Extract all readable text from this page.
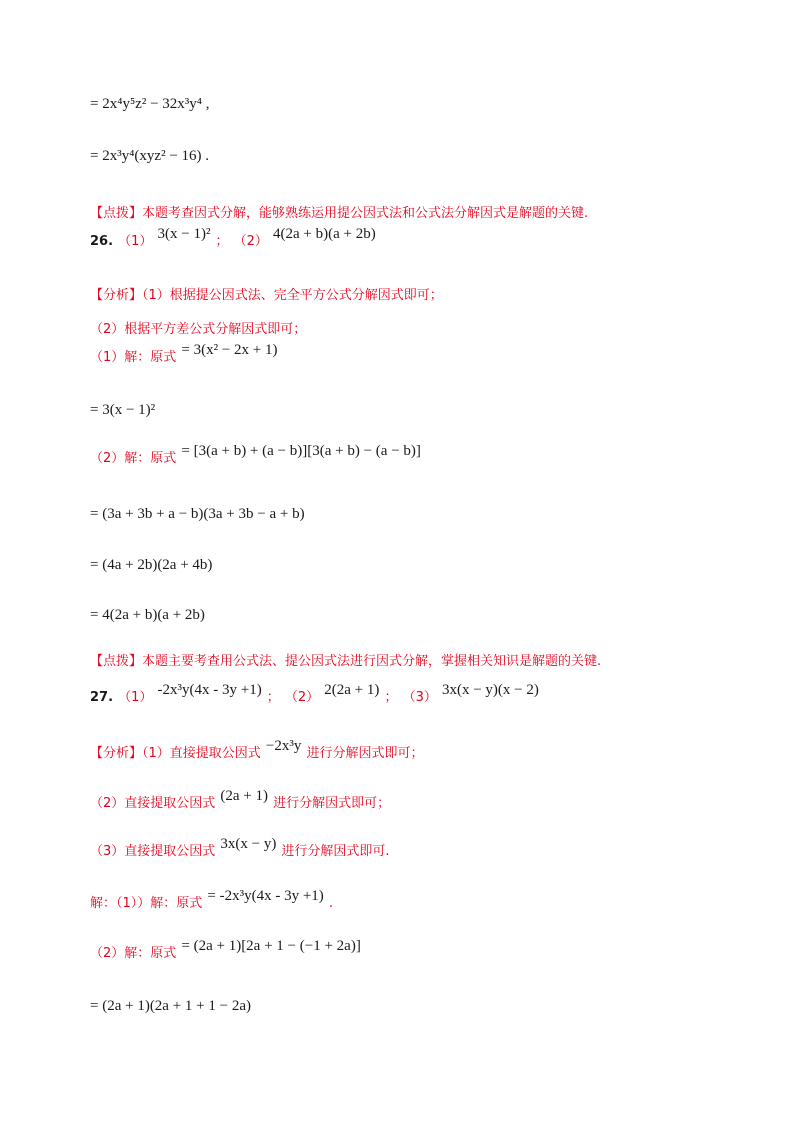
= 2x⁴y⁵z² − 32x³y⁴ ,
= 2x³y⁴(xyz² − 16) .
【点拨】本题考查因式分解，能够熟练运用提公因式法和公式法分解因式是解题的关键.
26. （1） 3(x − 1)² ； （2） 4(2a + b)(a + 2b)
【分析】（1）根据提公因式法、完全平方公式分解因式即可；
（2）根据平方差公式分解因式即可；
（1）解：原式 = 3(x² − 2x + 1)
= 3(x − 1)²
（2）解：原式 = [3(a + b) + (a − b)][3(a + b) − (a − b)]
= (3a + 3b + a − b)(3a + 3b − a + b)
= (4a + 2b)(2a + 4b)
= 4(2a + b)(a + 2b)
【点拨】本题主要考查用公式法、提公因式法进行因式分解，掌握相关知识是解题的关键.
27. （1） -2x³y(4x - 3y +1) ； （2） 2(2a + 1) ； （3） 3x(x − y)(x − 2)
【分析】（1）直接提取公因式 −2x³y 进行分解因式即可；
（2）直接提取公因式 (2a + 1) 进行分解因式即可；
（3）直接提取公因式 3x(x − y) 进行分解因式即可.
解：（1））解：原式 = -2x³y(4x - 3y +1) .
（2）解：原式 = (2a + 1)[2a + 1 − (−1 + 2a)]
= (2a + 1)(2a + 1 + 1 − 2a)
